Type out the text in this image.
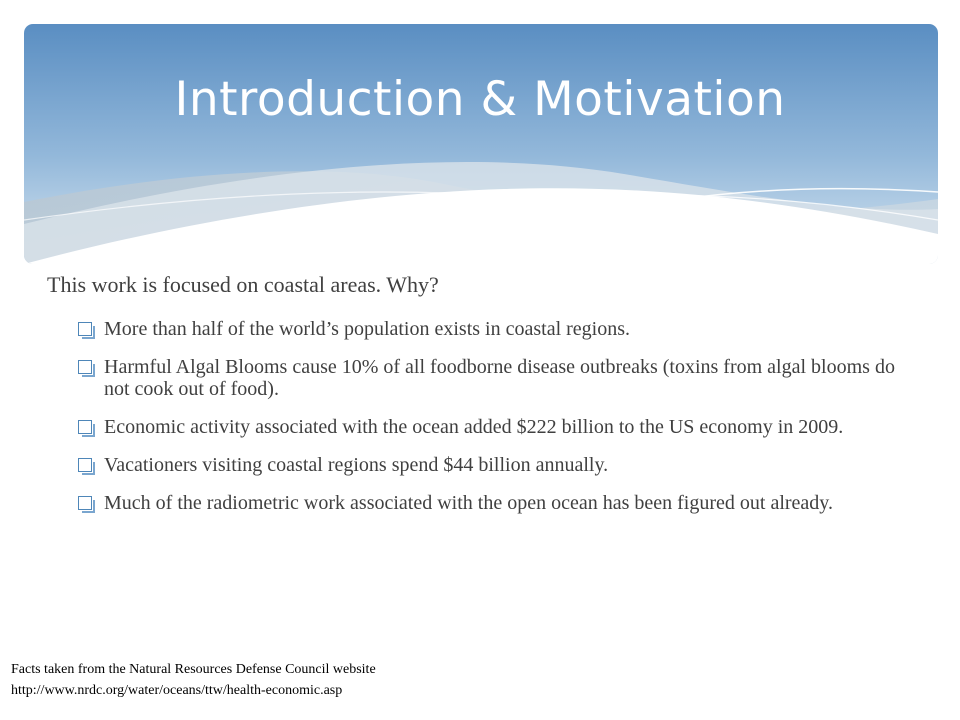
Introduction & Motivation

This work is focused on coastal areas. Why?

More than half of the world’s population exists in coastal regions.
Harmful Algal Blooms cause 10% of all foodborne disease outbreaks (toxins from algal blooms do not cook out of food).
Economic activity associated with the ocean added $222 billion to the US economy in 2009.
Vacationers visiting coastal regions spend $44 billion annually.
Much of the radiometric work associated with the open ocean has been figured out already.

Facts taken from the Natural Resources Defense Council website
http://www.nrdc.org/water/oceans/ttw/health-economic.asp
